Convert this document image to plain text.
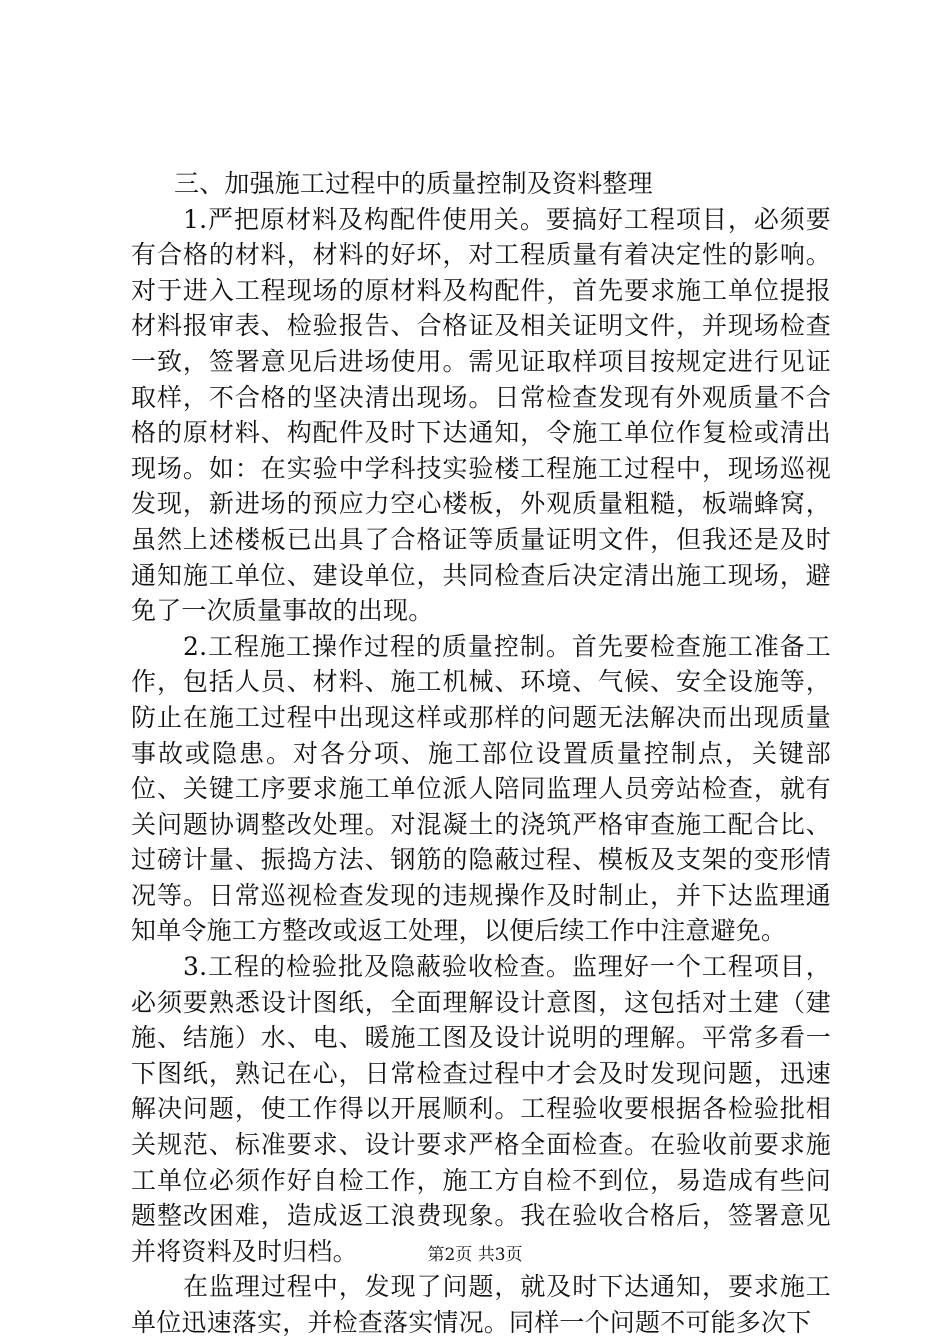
三、加强施工过程中的质量控制及资料整理

1.严把原材料及构配件使用关。要搞好工程项目，必须要有合格的材料，材料的好坏，对工程质量有着决定性的影响。对于进入工程现场的原材料及构配件，首先要求施工单位提报材料报审表、检验报告、合格证及相关证明文件，并现场检查一致，签署意见后进场使用。需见证取样项目按规定进行见证取样，不合格的坚决清出现场。日常检查发现有外观质量不合格的原材料、构配件及时下达通知，令施工单位作复检或清出现场。如：在实验中学科技实验楼工程施工过程中，现场巡视发现，新进场的预应力空心楼板，外观质量粗糙，板端蜂窝，虽然上述楼板已出具了合格证等质量证明文件，但我还是及时通知施工单位、建设单位，共同检查后决定清出施工现场，避免了一次质量事故的出现。

2.工程施工操作过程的质量控制。首先要检查施工准备工作，包括人员、材料、施工机械、环境、气候、安全设施等，防止在施工过程中出现这样或那样的问题无法解决而出现质量事故或隐患。对各分项、施工部位设置质量控制点，关键部位、关键工序要求施工单位派人陪同监理人员旁站检查，就有关问题协调整改处理。对混凝土的浇筑严格审查施工配合比、过磅计量、振捣方法、钢筋的隐蔽过程、模板及支架的变形情况等。日常巡视检查发现的违规操作及时制止，并下达监理通知单令施工方整改或返工处理，以便后续工作中注意避免。

3.工程的检验批及隐蔽验收检查。监理好一个工程项目，必须要熟悉设计图纸，全面理解设计意图，这包括对土建（建施、结施）水、电、暖施工图及设计说明的理解。平常多看一下图纸，熟记在心，日常检查过程中才会及时发现问题，迅速解决问题，使工作得以开展顺利。工程验收要根据各检验批相关规范、标准要求、设计要求严格全面检查。在验收前要求施工单位必须作好自检工作，施工方自检不到位，易造成有些问题整改困难，造成返工浪费现象。我在验收合格后，签署意见并将资料及时归档。

在监理过程中，发现了问题，就及时下达通知，要求施工单位迅速落实，并检查落实情况。同样一个问题不可能多次下

第2页 共3页
